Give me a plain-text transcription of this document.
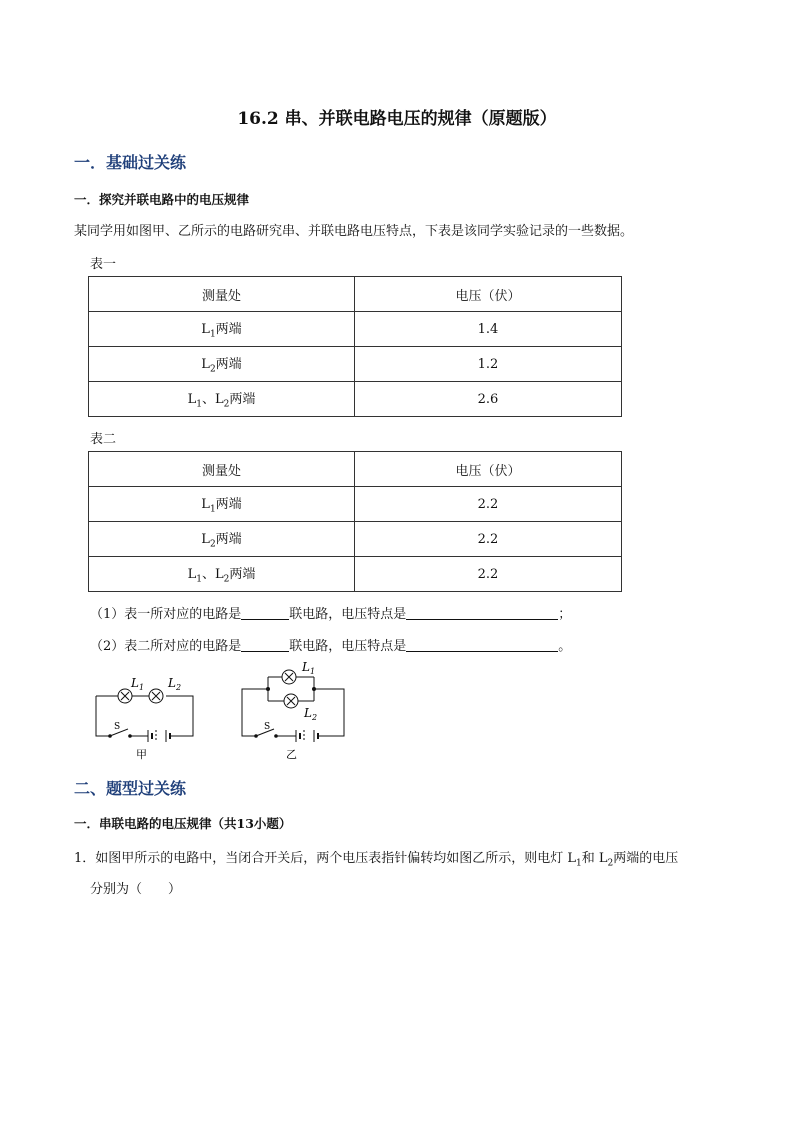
16.2 串、并联电路电压的规律（原题版）
一．基础过关练
一．探究并联电路中的电压规律
某同学用如图甲、乙所示的电路研究串、并联电路电压特点，下表是该同学实验记录的一些数据。
表一
测量处	电压（伏）
$L_1$两端	1.4
$L_2$两端	1.2
$L_1$、$L_2$两端	2.6
表二
测量处	电压（伏）
$L_1$两端	2.2
$L_2$两端	2.2
$L_1$、$L_2$两端	2.2
（1）表一所对应的电路是	联电路，电压特点是	；
（2）表二所对应的电路是	联电路，电压特点是	。
$L_1$ $L_2$
S
甲
$L_1$
$L_2$
S
乙
二、题型过关练
一．串联电路的电压规律（共13小题）
1．如图甲所示的电路中，当闭合开关后，两个电压表指针偏转均如图乙所示，则电灯 $L_1$和 $L_2$两端的电压
分别为（　　）
